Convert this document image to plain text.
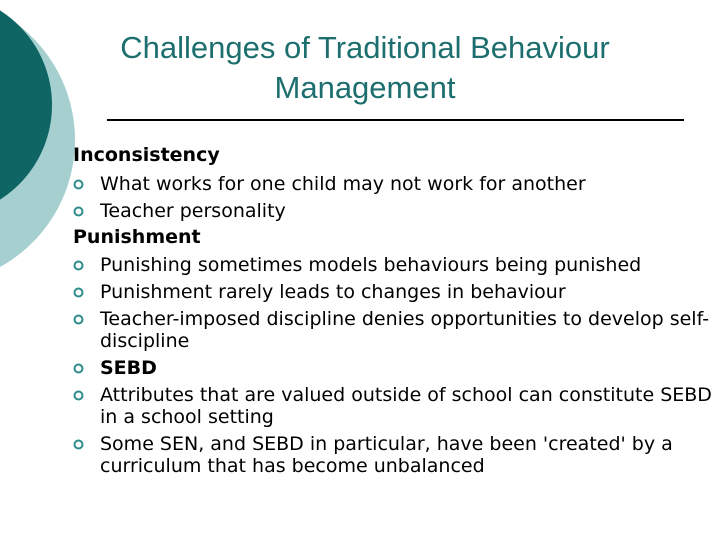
Challenges of Traditional Behaviour
Management

Inconsistency

What works for one child may not work for another
Teacher personality

Punishment

Punishing sometimes models behaviours being punished
Punishment rarely leads to changes in behaviour
Teacher-imposed discipline denies opportunities to develop self-discipline
SEBD
Attributes that are valued outside of school can constitute SEBD in a school setting
Some SEN, and SEBD in particular, have been 'created' by a curriculum that has become unbalanced
